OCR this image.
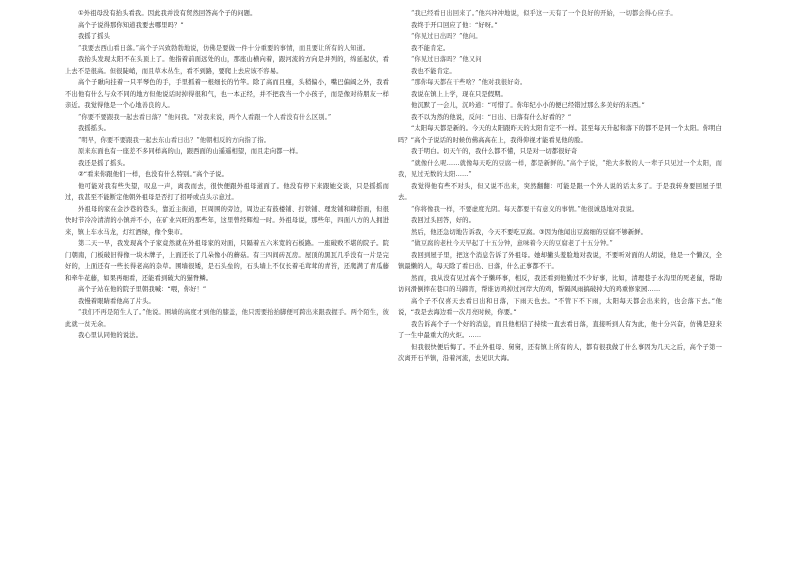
①外祖母没有抬头看我。因此我并没有贸然回答高个子的问题。

高个子说得那你知道我要去哪里吗？”

我摇了摇头

“我要去西山看日落。”高个子兴致勃勃地说，仿佛是要做一件十分重要的事情，而且要让所有的人知道。

我抬头发现太阳不在头顶上了。他指着前面远处的山，那座山横向着，跟河流的方向是并列的，绵延起伏，看上去不是很高。但很陡峭，而且草木丛生，看不到路，要爬上去应该不容易。

高个子瞅向挂着一只平琴色的手，手里抓着一根细长的竹竿。除了高而且瘦，头稍偏小，嘴巴偏阔之外，我看不出他有什么与众不同的地方但他说话时掉得很和气，也一本正经，并不把我当一个小孩子，而是像对待朋友一样亲近。我觉得他是一个心地善良的人。

“你要不要跟我一起去看日落？”他问我。“对我来说，两个人看跟一个人看没有什么区别。”

我摇摇头。

“明早，你要不要跟我一起去东山看日出？”他朝相反的方向指了指。

原来东面也有一座差不多同样高的山，跟西面的山遥遥相望，而且走向都一样。

我还是摇了摇头。

②“看来你跟他们一样，也没有什么特别。”高个子说。

他可能对我有些失望，叹息一声，离我而去，很快便跟外祖母道面了。他没有停下来跟她交谈，只是摇摇而过，我甚至不能断定他朝外祖母是否打了招呼或点头示意过。

外祖母的家在金沙巷的巷头，靠近主街道，巨周围的旁边，周边正有鼓楼铺、打铁铺、理发铺和肆搭面，但很快时节冷冷清清的小镇并不小，在矿业兴旺的那些年，这里曾经辉煌一时。外祖母说，那些年，四面八方的人拥进来，镇上车水马龙，灯红酒绿，像个集市。

第二天一早，我发现高个子家竟然就在外祖母家的对面，只隔着五六米宽的石板路。一座破败不堪的院子。院门朝南，门板破旧得像一块木牌子，上面还长了几朵像小的蘑菇。有三四间砖瓦房。屋顶的黑瓦几乎没有一片是完好的，上面还有一些长得老高的杂草。围墙很矮，是石头垒的，石头墙上不仅长着毛茸茸的青苔，还爬满了青瓜藤和牵牛花藤，如果再细看，还能看到破大的猫脊鳞。

高个子站在他的院子里朝我喊：“喂，你好！”

我慢着眼睛看他高了片头。

“我们不再是陌生人了。”他说。围墙的高度才到他的膝盖，他只需要抬抬脚便可跨出来跟我握手。两个陌生，彼此就一贫无余。

我心里认同他的说法。

“我已经看日出回来了。”他兴冲冲地说，似乎这一天有了一个良好的开始，一切都会得心应手。

我终于开口回应了他：“好呀。”

“你见过日出吗？”他问。

我不能肯定。

“你见过日落吗？”他又问

我也不能肯定。

“那你每天都在干些啥？”他对我很好奇。

我说在镇上上学，现在只是假期。

他沉默了一会儿，沉吟道：“可惜了。你年纪小小的便已经错过那么多美好的东西。”

我不以为然的他说，反问：“日出、日落有什么好看的？”

“太阳每天都是新的。今天的太阳跟昨天的太阳肯定不一样。甚至每天升起和落下的都不是同一个太阳。你明白吗？”高个子说话的时候仿佛高高在上，我得仰视才能看见他的脸。

我于明白。切天午的，我什么都不懂，只是对一切都很好奇

“就像什么呢……就像每天吃的豆腐一样，都是新鲜的。”高个子说，“绝大多数的人一辈子只见过一个太阳，而我，见过无数的太阳……”

我觉得他有些不对头，但又说不出来，突然翻翻：可能是跟一个外人说的话太多了。于是我转身要回屋子里去。

“你将像我一样，不要虚度光阴。每天都要干有意义的事情。”他很诚恳地对我说。

我回过头回答，好的。

然后，他还急切地告诉我，今天不要吃豆腐。③因为他闻出豆腐细的豆腐不够新鲜。

“做豆腐的老杜今天早起了十五分钟，意味着今天的豆腐老了十五分钟。”

我回到屋子里，把这个消息告诉了外祖母。她却撇头羞脸地对我说，不要听对面的人胡说，他是一个懒汉，全镇最懒的人，每天除了看日出、日落，什么正事都不干。

然而，我从没有见过高个子懒环事，相反，我还看到他勤过不少好事，比如，清理巷子水沟里的死老鼠，帮助访问滑倒摔在巷口的马蹄宵，帮谁访鸡掉过河岸大的鸡，帮隔风雨搞破掉大的鸡重修家园……

高个子不仅喜天去看日出和日落，下雨天也去。“不管下不下雨，太阳每天都会出来的，也会落下去。”他说，“我是去海边看一次月亮时候，你要。”

我告诉高个子一个好的消息，而且他相信了持续一直去看日落，直接听到人有为此，他十分兴奋，仿佛是迎来了一生中最重大的火炬。……

但我很快便后悔了。不止外祖母、舅舅，还有镇上所有的人，都有很我做了什么事因为几天之后，高个子第一次离开石羊镇，沿着河流，去见识大海。
